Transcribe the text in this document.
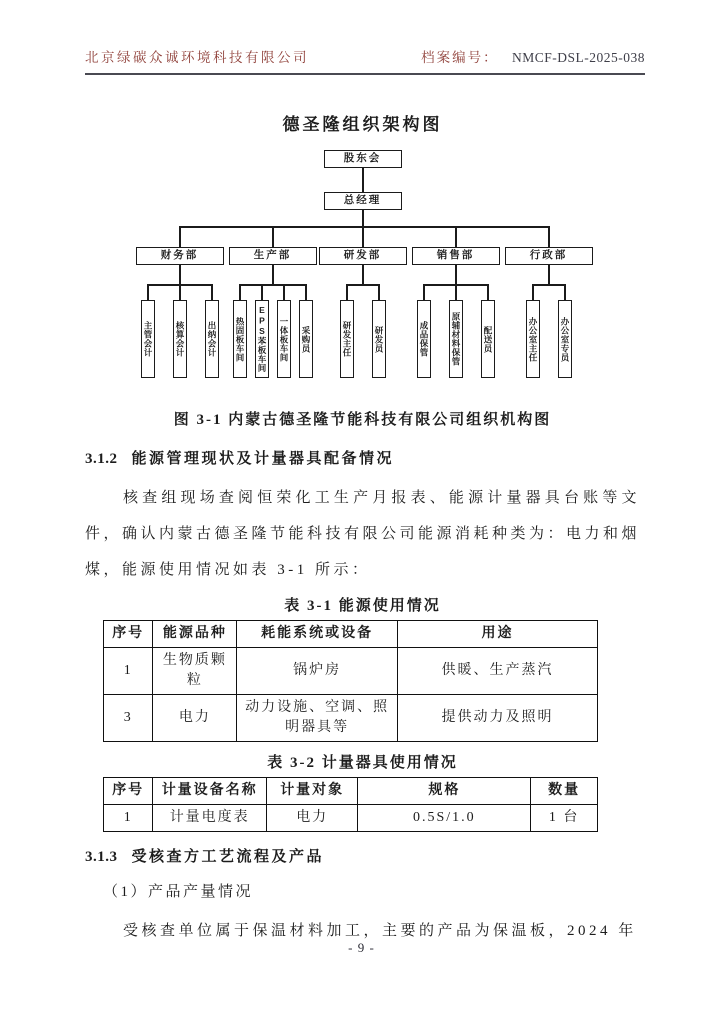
北京绿碳众诚环境科技有限公司	档案编号： NMCF-DSL-2025-038
德圣隆组织架构图
股东会
总经理
财务部
主管会计	核算会计	出纳会计
生产部
热固板车间 EPS苯板车间 一体板车间 采购员
研发部
研发主任	研发员
销售部
成品保管	原辅材料保管	配送员
行政部
办公室主任	办公室专员
图 3-1 内蒙古德圣隆节能科技有限公司组织机构图
3.1.2 能源管理现状及计量器具配备情况

核查组现场查阅恒荣化工生产月报表、能源计量器具台账等文件，确认内蒙古德圣隆节能科技有限公司能源消耗种类为：电力和烟煤，能源使用情况如表 3-1 所示：

表 3-1 能源使用情况
序号	能源品种	耗能系统或设备	用途
1	生物质颗粒	锅炉房	供暖、生产蒸汽
3	电力	动力设施、空调、照明器具等	提供动力及照明
表 3-2 计量器具使用情况
序号	计量设备名称	计量对象	规格	数量
1	计量电度表	电力	0.5S/1.0	1 台
3.1.3 受核查方工艺流程及产品
（1）产品产量情况

受核查单位属于保温材料加工，主要的产品为保温板，2024 年

- 9 -
